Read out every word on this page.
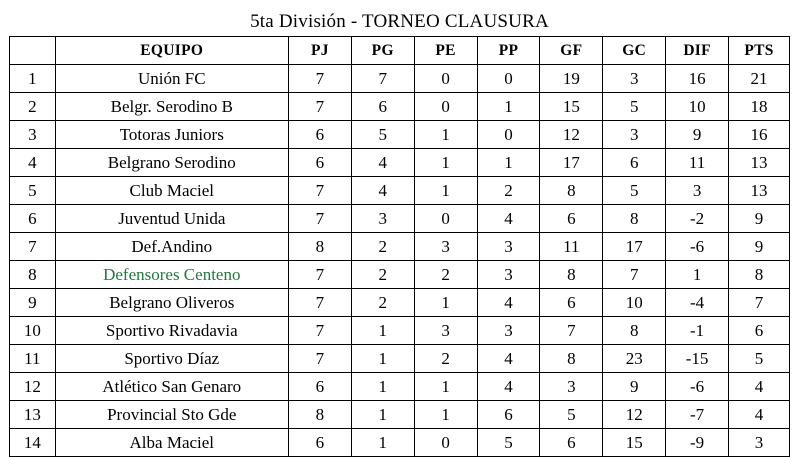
5ta División - TORNEO CLAUSURA									
	EQUIPO	PJ	PG	PE	PP	GF	GC	DIF	PTS
1	Unión FC	7	7	0	0	19	3	16	21
2	Belgr. Serodino B	7	6	0	1	15	5	10	18
3	Totoras Juniors	6	5	1	0	12	3	9	16
4	Belgrano Serodino	6	4	1	1	17	6	11	13
5	Club Maciel	7	4	1	2	8	5	3	13
6	Juventud Unida	7	3	0	4	6	8	-2	9
7	Def.Andino	8	2	3	3	11	17	-6	9
8	Defensores Centeno	7	2	2	3	8	7	1	8
9	Belgrano Oliveros	7	2	1	4	6	10	-4	7
10	Sportivo Rivadavia	7	1	3	3	7	8	-1	6
11	Sportivo Díaz	7	1	2	4	8	23	-15	5
12	Atlético San Genaro	6	1	1	4	3	9	-6	4
13	Provincial Sto Gde	8	1	1	6	5	12	-7	4
14	Alba Maciel	6	1	0	5	6	15	-9	3
